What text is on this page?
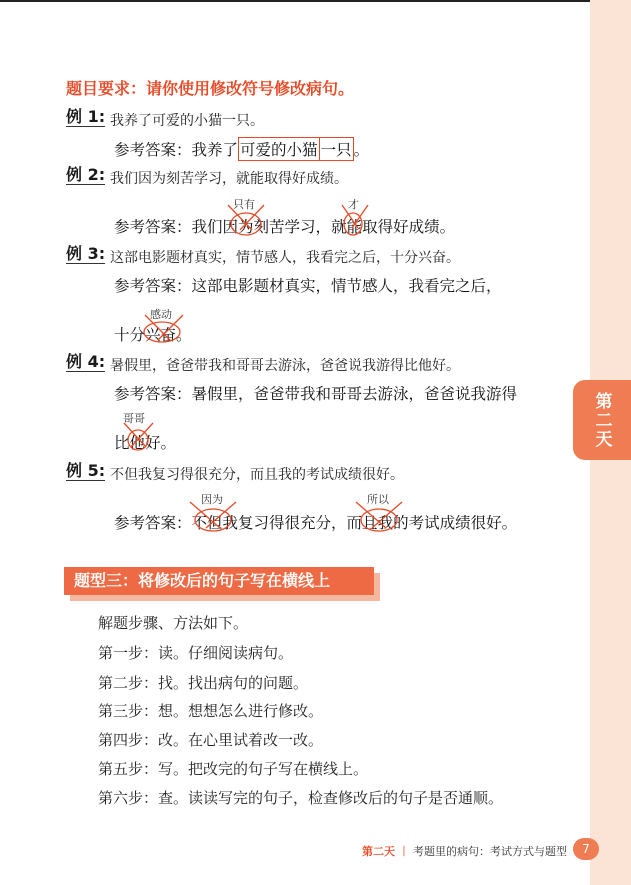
第二天
题目要求：请你使用修改符号修改病句。
例 1: 我养了可爱的小猫一只。
参考答案：我养了 可爱的小猫 一只 。
例 2: 我们因为刻苦学习，就能取得好成绩。
只有	才
参考答案：我们因为刻苦学习，就能取得好成绩。
例 3: 这部电影题材真实，情节感人，我看完之后，十分兴奋。
参考答案：这部电影题材真实，情节感人，我看完之后，
感动
十分兴奋。
例 4: 暑假里，爸爸带我和哥哥去游泳，爸爸说我游得比他好。
参考答案：暑假里，爸爸带我和哥哥去游泳，爸爸说我游得
哥哥
比他好。
例 5: 不但我复习得很充分，而且我的考试成绩很好。
因为	所以
参考答案：不但我复习得很充分，而且我的考试成绩很好。
题型三：将修改后的句子写在横线上
解题步骤、方法如下。
第一步：读。仔细阅读病句。
第二步：找。找出病句的问题。
第三步：想。想想怎么进行修改。
第四步：改。在心里试着改一改。
第五步：写。把改完的句子写在横线上。
第六步：查。读读写完的句子，检查修改后的句子是否通顺。
第二天 丨 考题里的病句：考试方式与题型	7
